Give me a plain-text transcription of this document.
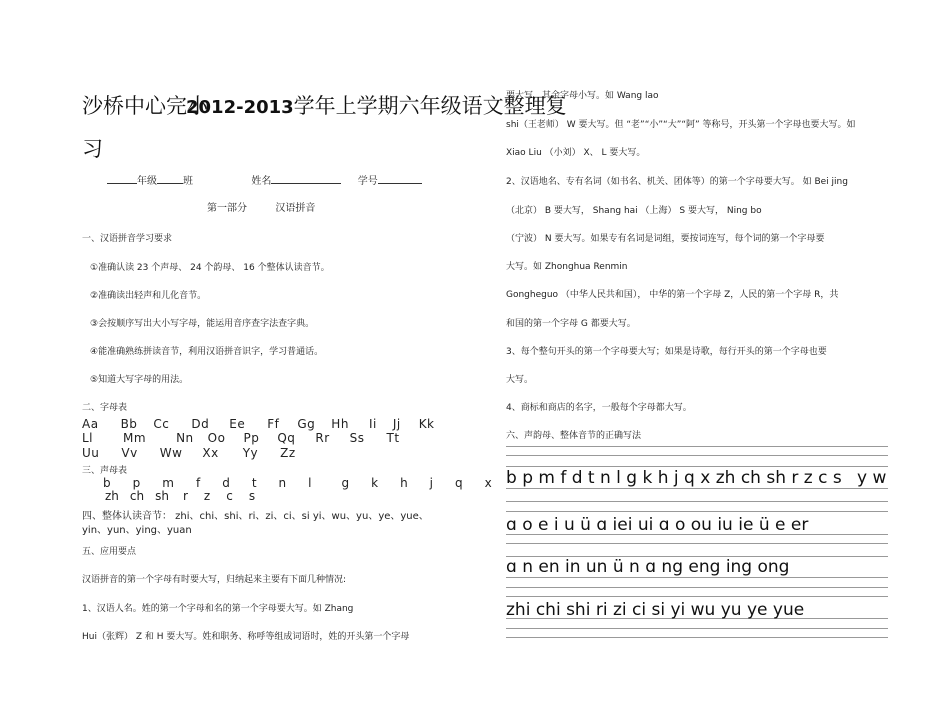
沙桥中心完小2012-2013学年上学期六年级语文整理复
习
年级	班	姓名	学号
第一部分	汉语拼音
一、汉语拼音学习要求
①准确认读 23 个声母、 24 个韵母、 16 个整体认读音节。
②准确读出轻声和儿化音节。
③会按顺序写出大小写字母，能运用音序查字法查字典。
④能准确熟练拼读音节，利用汉语拼音识字，学习普通话。
⑤知道大写字母的用法。
二、字母表
Aa Bb Cc Dd Ee Ff Gg Hh Ii Jj Kk
Ll	Mm	Nn Oo Pp Qq Rr Ss Tt
Uu Vv Ww Xx Yy Zz
三、声母表
b p m f d t n l	g k h j q x
zh ch sh r z c s
四、整体认读音节： zhi、chi、shi、ri、zi、ci、si yi、wu、yu、ye、yue、
yin、yun、ying、yuan
五、应用要点
汉语拼音的第一个字母有时要大写，归纳起来主要有下面几种情况:
1、汉语人名。姓的第一个字母和名的第一个字母要大写。如 Zhang
Hui（张辉） Z 和 H 要大写。姓和职务、称呼等组成词语时，姓的开头第一个字母
要大写，其余字母小写。如 Wang lao
shi（王老师） W 要大写。但 “老”“小”“大”“阿” 等称号，开头第一个字母也要大写。如
Xiao Liu （小刘） X、 L 要大写。
2、汉语地名、专有名词（如书名、机关、团体等）的第一个字母要大写。 如 Bei jing
（北京） B 要大写， Shang hai （上海） S 要大写， Ning bo
（宁波） N 要大写。如果专有名词是词组，要按词连写，每个词的第一个字母要
大写。如 Zhonghua Renmin
Gongheguo （中华人民共和国）， 中华的第一个字母 Z，人民的第一个字母 R，共
和国的第一个字母 G 都要大写。
3、每个整句开头的第一个字母要大写；如果是诗歌，每行开头的第一个字母也要
大写。
4、商标和商店的名字，一般每个字母都大写。
六、声韵母、整体音节的正确写法
b p m f d t n l g k h j q x zh ch sh r z c s y w
ɑ o e i u ü ɑ iei ui ɑ o ou iu ie ü e er
ɑ n en in un ü n ɑ ng eng ing ong
zhi chi shi ri zi ci si yi wu yu ye yue
